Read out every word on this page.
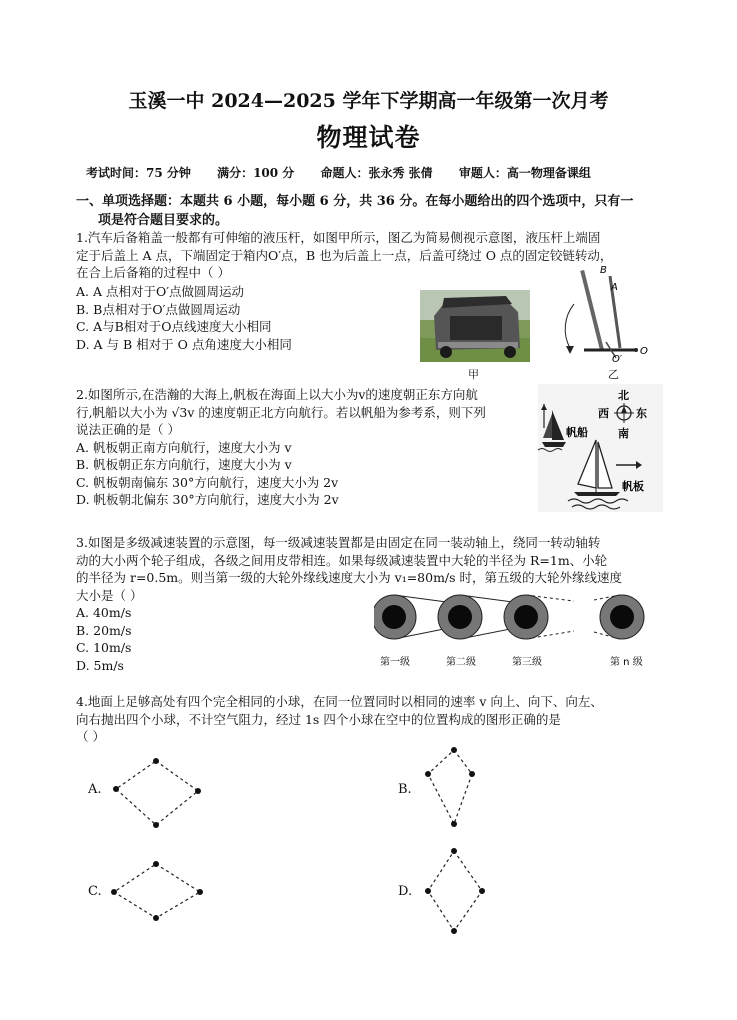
玉溪一中 2024—2025 学年下学期高一年级第一次月考
物理试卷
考试时间：75 分钟 满分：100 分 命题人：张永秀 张倩 审题人：高一物理备课组
一、单项选择题：本题共 6 小题，每小题 6 分，共 36 分。在每小题给出的四个选项中，只有一
项是符合题目要求的。
1.汽车后备箱盖一般都有可伸缩的液压杆，如图甲所示，图乙为简易侧视示意图，液压杆上端固
定于后盖上 A 点，下端固定于箱内O′点，B 也为后盖上一点，后盖可绕过 O 点的固定铰链转动，
在合上后备箱的过程中（ ）
A. A 点相对于O′点做圆周运动
B. B点相对于O′点做圆周运动
C. A与B相对于O点线速度大小相同
D. A 与 B 相对于 O 点角速度大小相同
甲
B
A
O
O′
乙
2.如图所示,在浩瀚的大海上,帆板在海面上以大小为v的速度朝正东方向航
行,帆船以大小为 √3v 的速度朝正北方向航行。若以帆船为参考系，则下列
说法正确的是（ ）
A. 帆板朝正南方向航行，速度大小为 v
B. 帆板朝正东方向航行，速度大小为 v
C. 帆板朝南偏东 30°方向航行，速度大小为 2v
D. 帆板朝北偏东 30°方向航行，速度大小为 2v
北
西 东
南
帆船
帆板
3.如图是多级减速装置的示意图，每一级减速装置都是由固定在同一装动轴上，绕同一转动轴转
动的大小两个轮子组成，各级之间用皮带相连。如果每级减速装置中大轮的半径为 R=1m、小轮
的半径为 r=0.5m。则当第一级的大轮外缘线速度大小为 v₁=80m/s 时，第五级的大轮外缘线速度
大小是（ ）
A. 40m/s
B. 20m/s
C. 10m/s
D. 5m/s	第一级	第二级	第三级	第 n 级
4.地面上足够高处有四个完全相同的小球，在同一位置同时以相同的速率 v 向上、向下、向左、
向右抛出四个小球，不计空气阻力，经过 1s 四个小球在空中的位置构成的图形正确的是
（ ）
A.	B.
C.	D.
